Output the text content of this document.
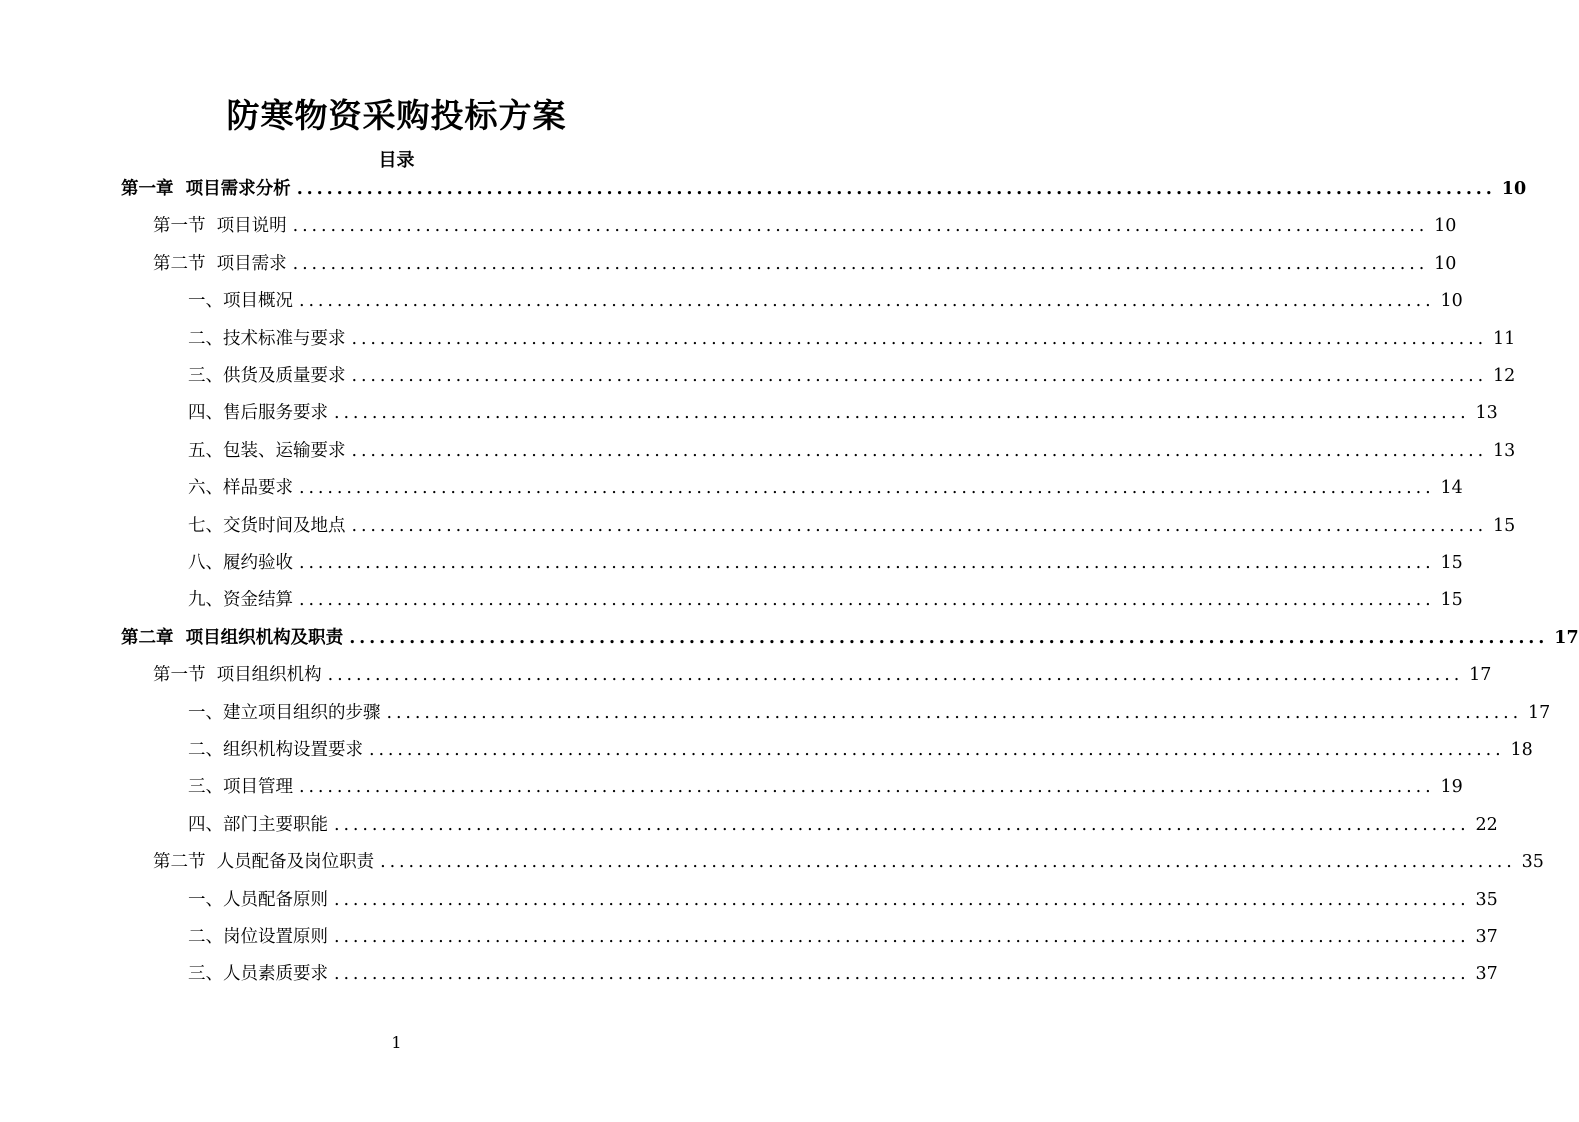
防寒物资采购投标方案
目录
第一章  项目需求分析 ........................................................................................................................ 10
第一节  项目说明 ........................................................................................................................ 10
第二节  项目需求 ........................................................................................................................ 10
一、项目概况 ........................................................................................................................ 10
二、技术标准与要求 ........................................................................................................................ 11
三、供货及质量要求 ........................................................................................................................ 12
四、售后服务要求 ........................................................................................................................ 13
五、包装、运输要求 ........................................................................................................................ 13
六、样品要求 ........................................................................................................................ 14
七、交货时间及地点 ........................................................................................................................ 15
八、履约验收 ........................................................................................................................ 15
九、资金结算 ........................................................................................................................ 15
第二章  项目组织机构及职责 ........................................................................................................................ 17
第一节  项目组织机构 ........................................................................................................................ 17
一、建立项目组织的步骤 ........................................................................................................................ 17
二、组织机构设置要求 ........................................................................................................................ 18
三、项目管理 ........................................................................................................................ 19
四、部门主要职能 ........................................................................................................................ 22
第二节  人员配备及岗位职责 ........................................................................................................................ 35
一、人员配备原则 ........................................................................................................................ 35
二、岗位设置原则 ........................................................................................................................ 37
三、人员素质要求 ........................................................................................................................ 37
1
